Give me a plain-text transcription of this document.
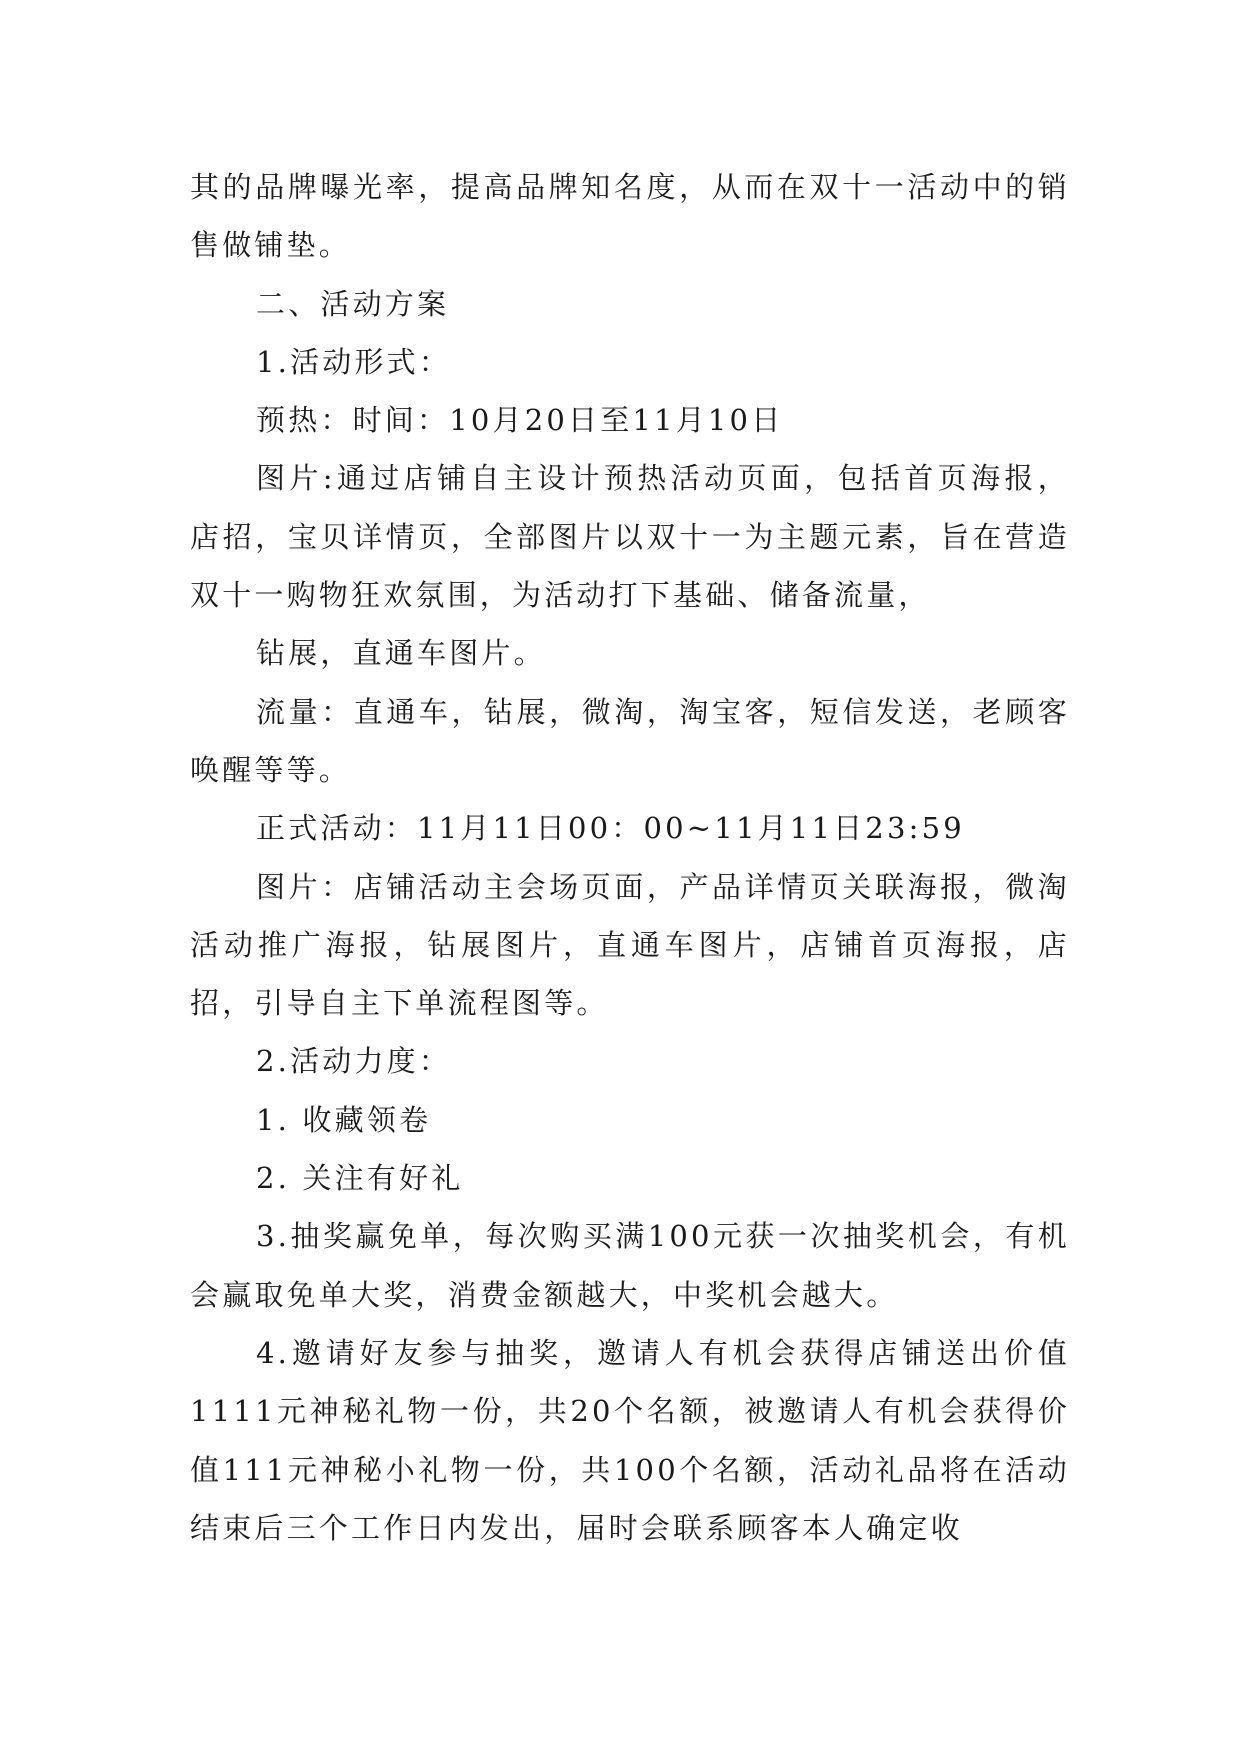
其的品牌曝光率，提高品牌知名度，从而在双十一活动中的销售做铺垫。

二、活动方案

1.活动形式：

预热：时间：10月20日至11月10日

图片:通过店铺自主设计预热活动页面，包括首页海报，店招，宝贝详情页，全部图片以双十一为主题元素，旨在营造双十一购物狂欢氛围，为活动打下基础、储备流量，

钻展，直通车图片。

流量：直通车，钻展，微淘，淘宝客，短信发送，老顾客唤醒等等。

正式活动：11月11日00：00~11月11日23:59

图片：店铺活动主会场页面，产品详情页关联海报，微淘活动推广海报，钻展图片，直通车图片，店铺首页海报，店招，引导自主下单流程图等。

2.活动力度：

1. 收藏领卷

2. 关注有好礼

3.抽奖赢免单，每次购买满100元获一次抽奖机会，有机会赢取免单大奖，消费金额越大，中奖机会越大。

4.邀请好友参与抽奖，邀请人有机会获得店铺送出价值1111元神秘礼物一份，共20个名额，被邀请人有机会获得价值111元神秘小礼物一份，共100个名额，活动礼品将在活动结束后三个工作日内发出，届时会联系顾客本人确定收
